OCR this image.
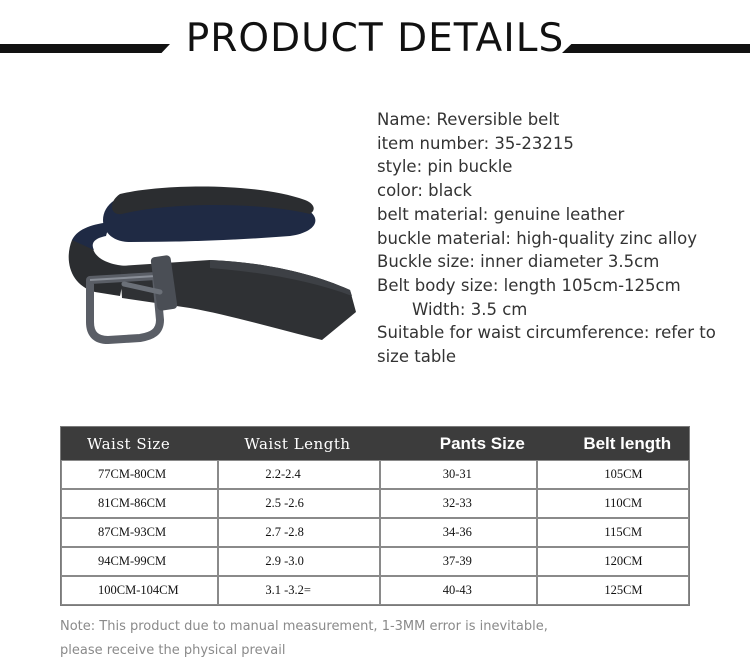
PRODUCT DETAILS
Name: Reversible belt
item number: 35-23215
style: pin buckle
color: black
belt material: genuine leather
buckle material: high-quality zinc alloy
Buckle size: inner diameter 3.5cm
Belt body size: length 105cm-125cm
Width: 3.5 cm
Suitable for waist circumference: refer to
size table
Waist Size	Waist Length	Pants Size	Belt length
77CM-80CM	2.2-2.4	30-31	105CM
81CM-86CM	2.5 -2.6	32-33	110CM
87CM-93CM	2.7 -2.8	34-36	115CM
94CM-99CM	2.9 -3.0	37-39	120CM
100CM-104CM	3.1 -3.2=	40-43	125CM
Note: This product due to manual measurement, 1-3MM error is inevitable,
please receive the physical prevail
